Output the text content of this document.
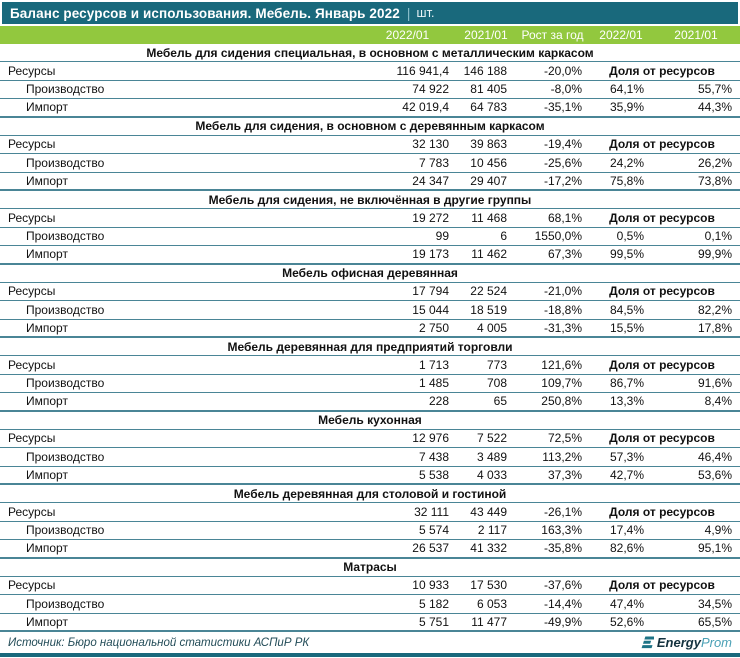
Баланс ресурсов и использования. Мебель. Январь 2022 | шт.
2022/01	2021/01	Рост за год	2022/01	2021/01
Мебель для сидения специальная, в основном с металлическим каркасом
Ресурсы	116 941,4	146 188	-20,0%	Доля от ресурсов
Производство	74 922	81 405	-8,0%	64,1%	55,7%
Импорт	42 019,4	64 783	-35,1%	35,9%	44,3%
Мебель для сидения, в основном с деревянным каркасом
Ресурсы	32 130	39 863	-19,4%	Доля от ресурсов
Производство	7 783	10 456	-25,6%	24,2%	26,2%
Импорт	24 347	29 407	-17,2%	75,8%	73,8%
Мебель для сидения, не включённая в другие группы
Ресурсы	19 272	11 468	68,1%	Доля от ресурсов
Производство	99	6	1550,0%	0,5%	0,1%
Импорт	19 173	11 462	67,3%	99,5%	99,9%
Мебель офисная деревянная
Ресурсы	17 794	22 524	-21,0%	Доля от ресурсов
Производство	15 044	18 519	-18,8%	84,5%	82,2%
Импорт	2 750	4 005	-31,3%	15,5%	17,8%
Мебель деревянная для предприятий торговли
Ресурсы	1 713	773	121,6%	Доля от ресурсов
Производство	1 485	708	109,7%	86,7%	91,6%
Импорт	228	65	250,8%	13,3%	8,4%
Мебель кухонная
Ресурсы	12 976	7 522	72,5%	Доля от ресурсов
Производство	7 438	3 489	113,2%	57,3%	46,4%
Импорт	5 538	4 033	37,3%	42,7%	53,6%
Мебель деревянная для столовой и гостиной
Ресурсы	32 111	43 449	-26,1%	Доля от ресурсов
Производство	5 574	2 117	163,3%	17,4%	4,9%
Импорт	26 537	41 332	-35,8%	82,6%	95,1%
Матрасы
Ресурсы	10 933	17 530	-37,6%	Доля от ресурсов
Производство	5 182	6 053	-14,4%	47,4%	34,5%
Импорт	5 751	11 477	-49,9%	52,6%	65,5%
Источник: Бюро национальной статистики АСПиР РК	EnergyProm
